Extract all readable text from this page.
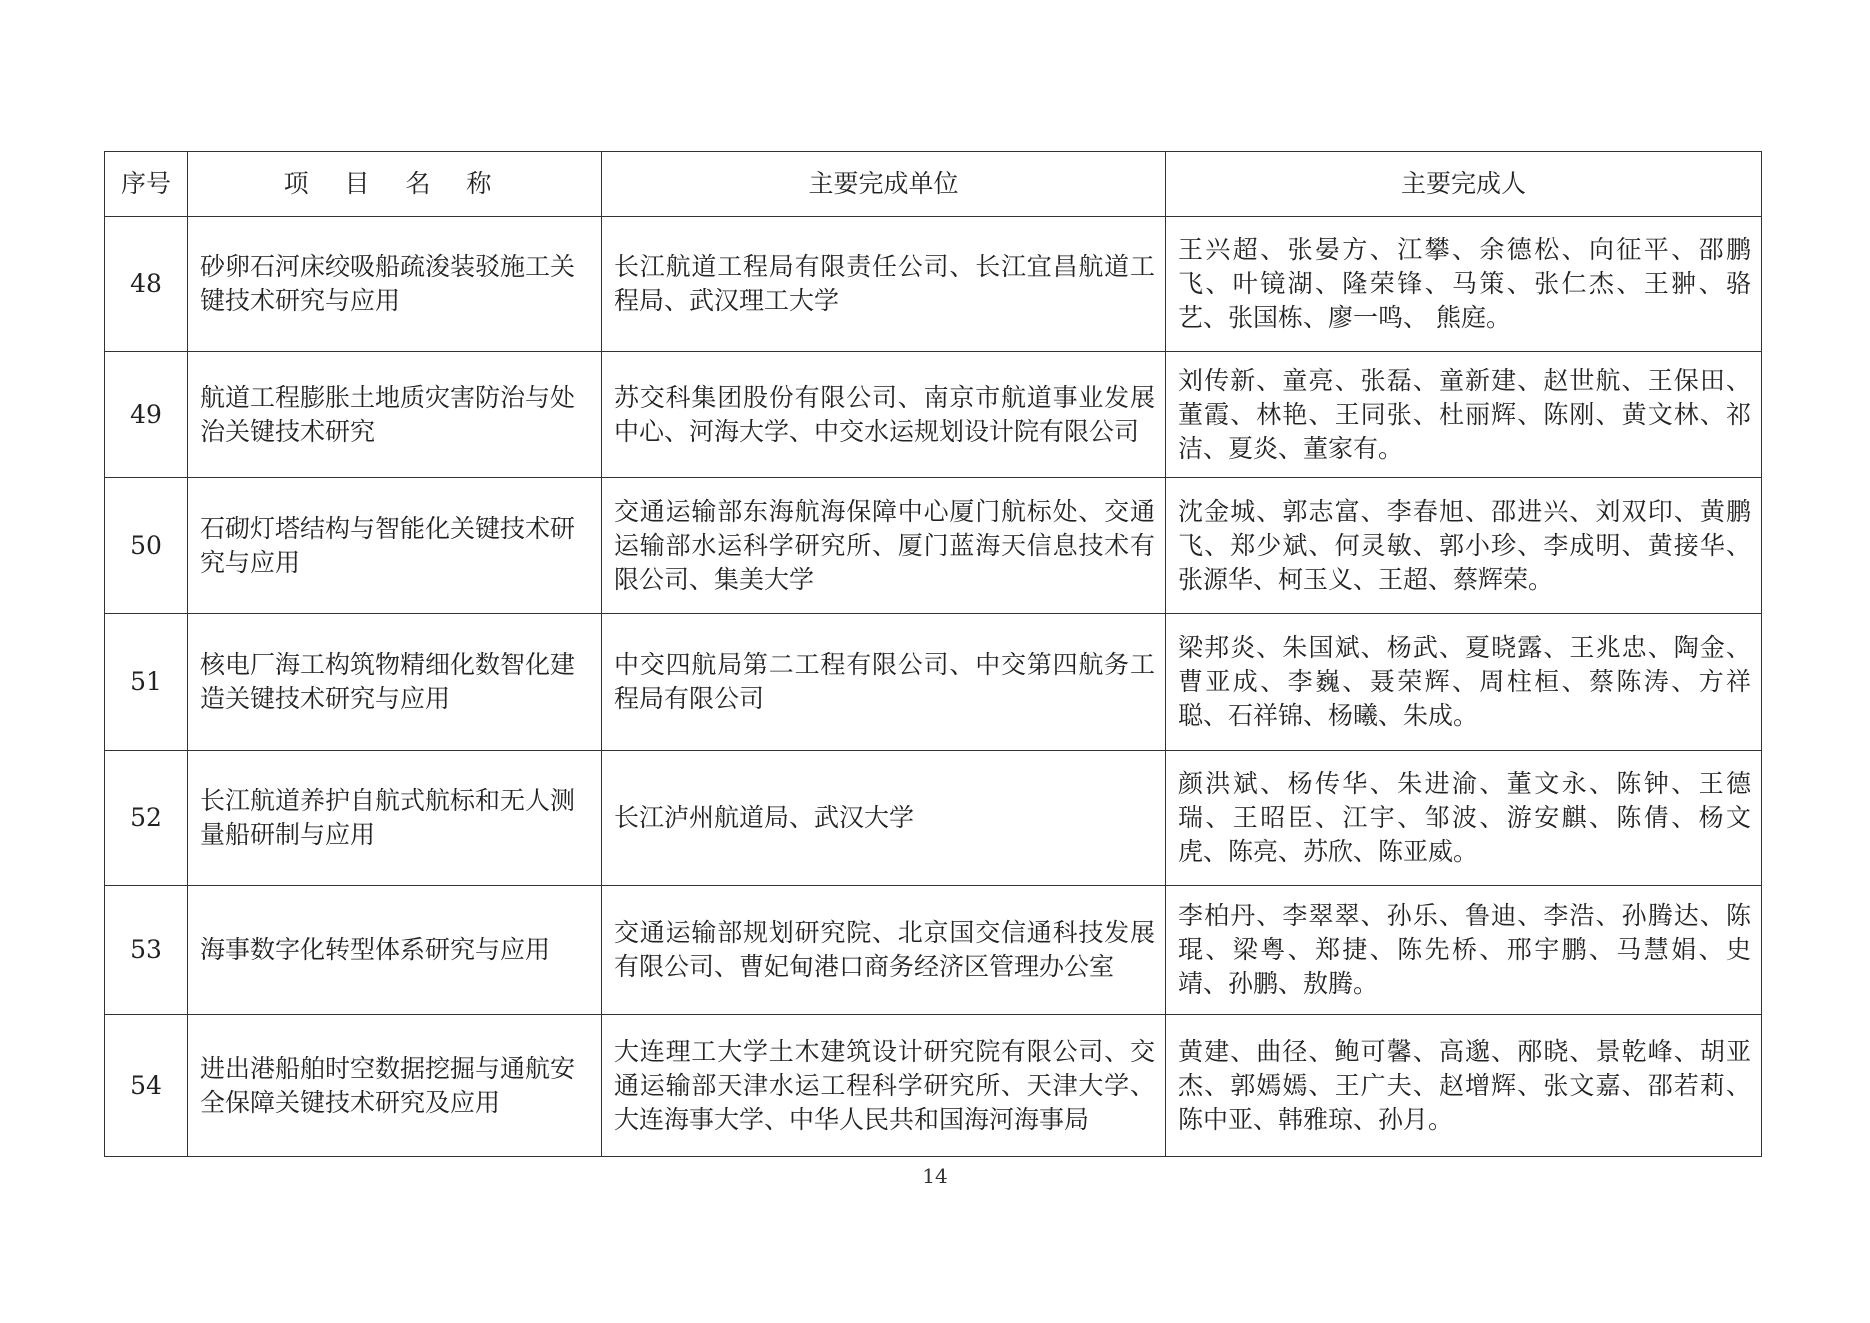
序号	项 目 名 称	主要完成单位	主要完成人
48	砂卵石河床绞吸船疏浚装驳施工关键技术研究与应用	长江航道工程局有限责任公司、长江宜昌航道工程局、武汉理工大学	王兴超、张晏方、江攀、余德松、向征平、邵鹏飞、叶镜湖、隆荣锋、马策、张仁杰、王翀、骆艺、张国栋、廖一鸣、 熊庭。
49	航道工程膨胀土地质灾害防治与处治关键技术研究	苏交科集团股份有限公司、南京市航道事业发展中心、河海大学、中交水运规划设计院有限公司	刘传新、童亮、张磊、童新建、赵世航、王保田、董霞、林艳、王同张、杜丽辉、陈刚、黄文林、祁洁、夏炎、董家有。
50	石砌灯塔结构与智能化关键技术研究与应用	交通运输部东海航海保障中心厦门航标处、交通运输部水运科学研究所、厦门蓝海天信息技术有限公司、集美大学	沈金城、郭志富、李春旭、邵进兴、刘双印、黄鹏飞、郑少斌、何灵敏、郭小珍、李成明、黄接华、张源华、柯玉义、王超、蔡辉荣。
51	核电厂海工构筑物精细化数智化建造关键技术研究与应用	中交四航局第二工程有限公司、中交第四航务工程局有限公司	梁邦炎、朱国斌、杨武、夏晓露、王兆忠、陶金、曹亚成、李巍、聂荣辉、周柱桓、蔡陈涛、方祥聪、石祥锦、杨曦、朱成。
52	长江航道养护自航式航标和无人测量船研制与应用	长江泸州航道局、武汉大学	颜洪斌、杨传华、朱进渝、董文永、陈钟、王德瑞、王昭臣、江宇、邹波、游安麒、陈倩、杨文虎、陈亮、苏欣、陈亚威。
53	海事数字化转型体系研究与应用	交通运输部规划研究院、北京国交信通科技发展有限公司、曹妃甸港口商务经济区管理办公室	李柏丹、李翠翠、孙乐、鲁迪、李浩、孙腾达、陈琨、梁粤、郑捷、陈先桥、邢宇鹏、马慧娟、史靖、孙鹏、敖腾。
54	进出港船舶时空数据挖掘与通航安全保障关键技术研究及应用	大连理工大学土木建筑设计研究院有限公司、交通运输部天津水运工程科学研究所、天津大学、大连海事大学、中华人民共和国海河海事局	黄建、曲径、鲍可馨、高邈、邴晓、景乾峰、胡亚杰、郭嫣嫣、王广夫、赵增辉、张文嘉、邵若莉、陈中亚、韩雅琼、孙月。
14
